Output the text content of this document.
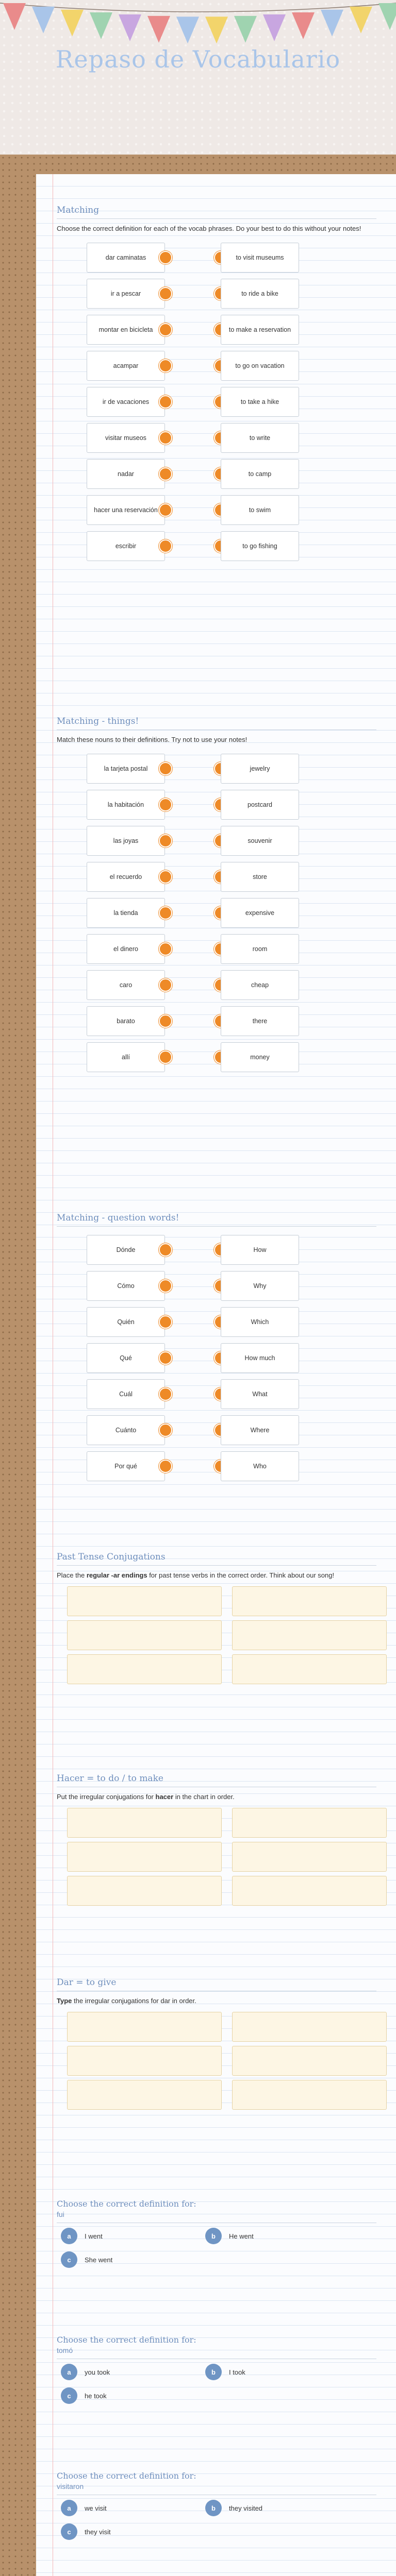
Repaso de Vocabulario
Matching
Choose the correct definition for each of the vocab phrases. Do your best to do this without your notes!
dar caminatas	to visit museums
ir a pescar	to ride a bike
montar en bicicleta	to make a reservation
acampar	to go on vacation
ir de vacaciones	to take a hike
visitar museos	to write
nadar	to camp
hacer una reservación	to swim
escribir	to go fishing
Matching - things!
Match these nouns to their definitions. Try not to use your notes!
la tarjeta postal	jewelry
la habitación	postcard
las joyas	souvenir
el recuerdo	store
la tienda	expensive
el dinero	room
caro	cheap
barato	there
allí	money
Matching - question words!
Dónde	How
Cómo	Why
Quién	Which
Qué	How much
Cuál	What
Cuánto	Where
Por qué	Who
Past Tense Conjugations
Place the regular -ar endings for past tense verbs in the correct order. Think about our song!
Hacer = to do / to make
Put the irregular conjugations for hacer in the chart in order.
Dar = to give
Type the irregular conjugations for dar in order.
Choose the correct definition for:
fui
a	I went	b	He went
c	She went
Choose the correct definition for:
tomó
a	you took	b	I took
c	he took
Choose the correct definition for:
visitaron
a	we visit	b	they visited
c	they visit
